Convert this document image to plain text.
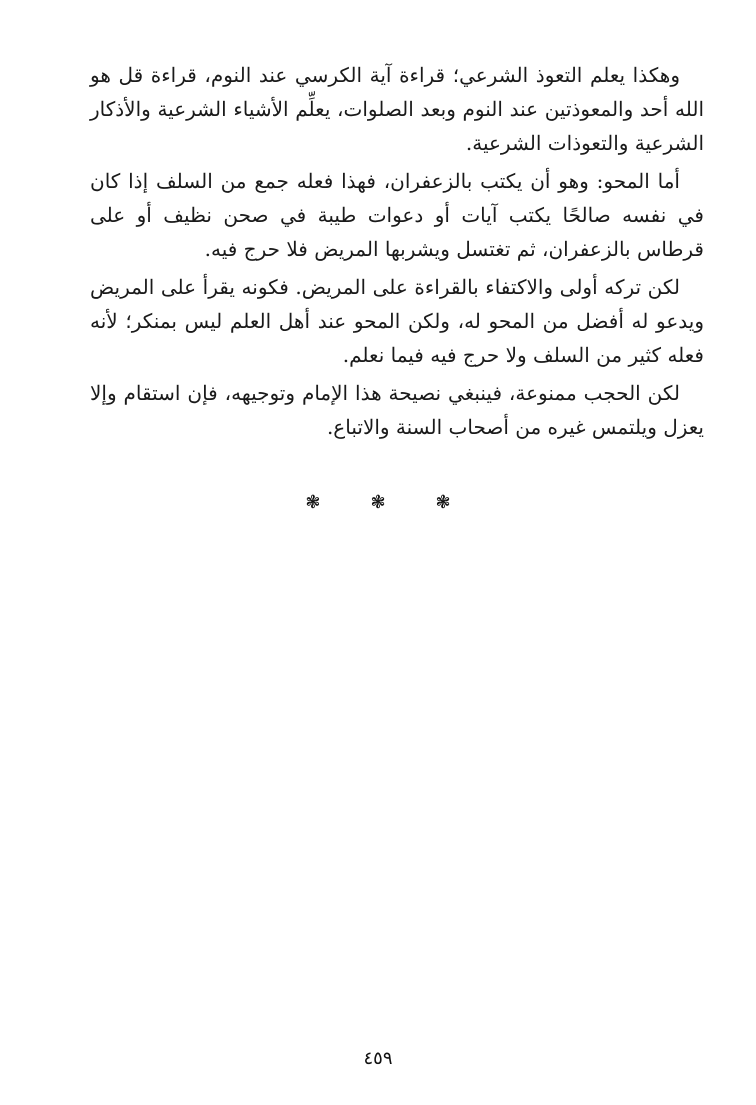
وهكذا يعلم التعوذ الشرعي؛ قراءة آية الكرسي عند النوم، قراءة قل هو الله أحد والمعوذتين عند النوم وبعد الصلوات، يعلِّم الأشياء الشرعية والأذكار الشرعية والتعوذات الشرعية.

أما المحو: وهو أن يكتب بالزعفران، فهذا فعله جمع من السلف إذا كان في نفسه صالحًا يكتب آيات أو دعوات طيبة في صحن نظيف أو على قرطاس بالزعفران، ثم تغتسل ويشربها المريض فلا حرج فيه.

لكن تركه أولى والاكتفاء بالقراءة على المريض. فكونه يقرأ على المريض ويدعو له أفضل من المحو له، ولكن المحو عند أهل العلم ليس بمنكر؛ لأنه فعله كثير من السلف ولا حرج فيه فيما نعلم.

لكن الحجب ممنوعة، فينبغي نصيحة هذا الإمام وتوجيهه، فإن استقام وإلا يعزل ويلتمس غيره من أصحاب السنة والاتباع.

❃	❃	❃
٤٥٩
